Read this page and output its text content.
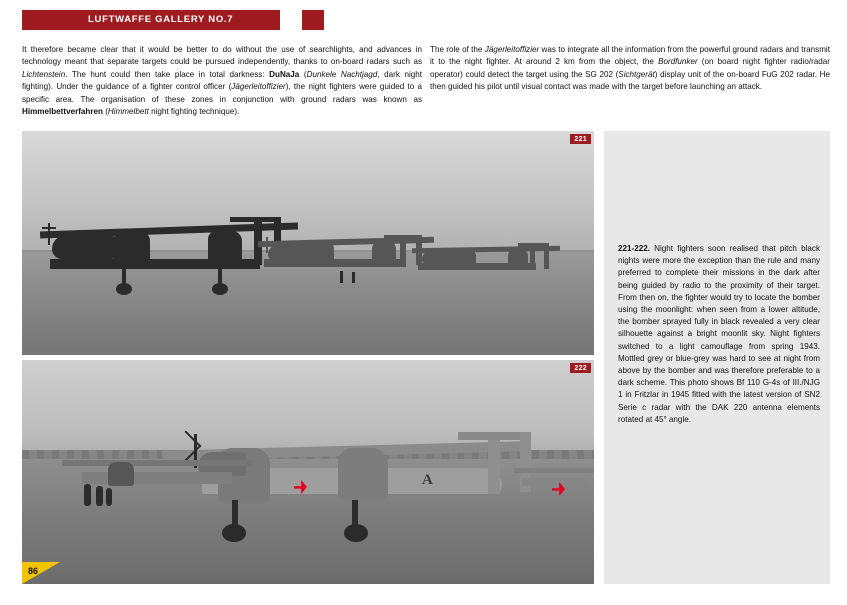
LUFTWAFFE GALLERY NO.7

It therefore became clear that it would be better to do without the use of searchlights, and advances in technology meant that separate targets could be pursued independently, thanks to on-board radars such as Lichtenstein. The hunt could then take place in total darkness: DuNaJa (Dunkele Nachtjagd, dark night fighting). Under the guidance of a fighter control officer (Jägerleitoffizier), the night fighters were guided to a specific area. The organisation of these zones in conjunction with ground radars was known as Himmelbettverfahren (Himmelbett night fighting technique).

The role of the Jägerleitoffizier was to integrate all the information from the powerful ground radars and transmit it to the night fighter. At around 2 km from the object, the Bordfunker (on board night fighter radio/radar operator) could detect the target using the SG 202 (Sichtgerät) display unit of the on-board FuG 202 radar. He then guided his pilot until visual contact was made with the target before launching an attack.

221
A
222
221-222. Night fighters soon realised that pitch black nights were more the exception than the rule and many preferred to complete their missions in the dark after being guided by radio to the proximity of their target. From then on, the fighter would try to locate the bomber using the moonlight: when seen from a lower altitude, the bomber sprayed fully in black revealed a very clear silhouette against a bright moonlit sky. Night fighters switched to a light camouflage from spring 1943. Mottled grey or blue-grey was hard to see at night from above by the bomber and was therefore preferable to a dark scheme. This photo shows Bf 110 G-4s of III./NJG 1 in Fritzlar in 1945 fitted with the latest version of SN2 Serie c radar with the DAK 220 antenna elements rotated at 45° angle.
86
